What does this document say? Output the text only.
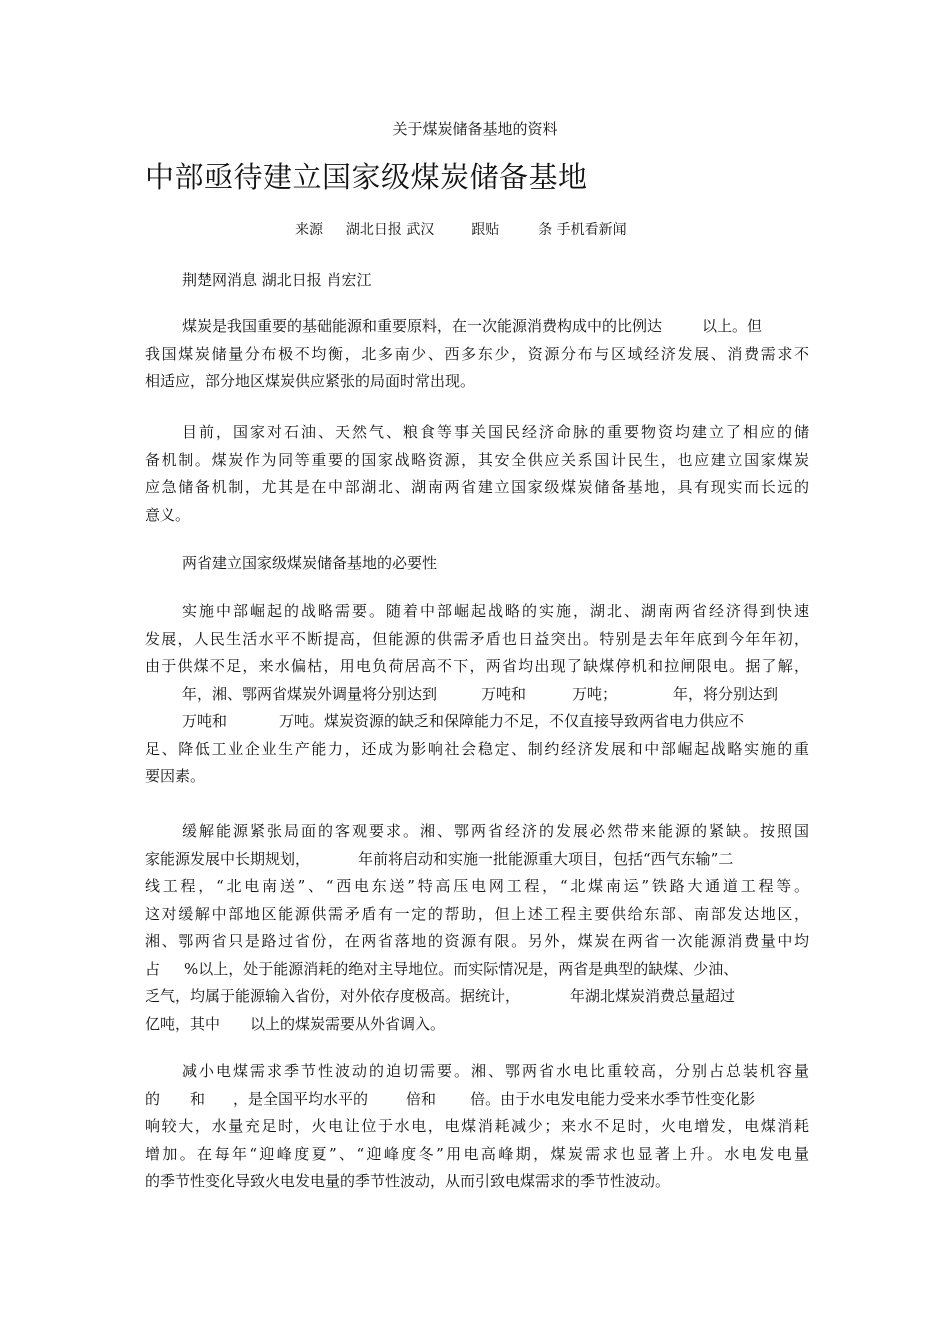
关于煤炭储备基地的资料
中部亟待建立国家级煤炭储备基地
来源 湖北日报 武汉	跟贴	条 手机看新闻
荆楚网消息 湖北日报 肖宏江
煤炭是我国重要的基础能源和重要原料，在一次能源消费构成中的比例达	以上。但
我国煤炭储量分布极不均衡，北多南少、西多东少，资源分布与区域经济发展、消费需求不
相适应，部分地区煤炭供应紧张的局面时常出现。
目前，国家对石油、天然气、粮食等事关国民经济命脉的重要物资均建立了相应的储
备机制。煤炭作为同等重要的国家战略资源，其安全供应关系国计民生，也应建立国家煤炭
应急储备机制，尤其是在中部湖北、湖南两省建立国家级煤炭储备基地，具有现实而长远的
意义。
两省建立国家级煤炭储备基地的必要性
实施中部崛起的战略需要。随着中部崛起战略的实施，湖北、湖南两省经济得到快速
发展，人民生活水平不断提高，但能源的供需矛盾也日益突出。特别是去年年底到今年年初，
由于供煤不足，来水偏枯，用电负荷居高不下，两省均出现了缺煤停机和拉闸限电。据了解，
年，湘、鄂两省煤炭外调量将分别达到	万吨和	万吨；	年，将分别达到
万吨和	万吨。煤炭资源的缺乏和保障能力不足，不仅直接导致两省电力供应不
足、降低工业企业生产能力，还成为影响社会稳定、制约经济发展和中部崛起战略实施的重
要因素。
缓解能源紧张局面的客观要求。湘、鄂两省经济的发展必然带来能源的紧缺。按照国
家能源发展中长期规划，	年前将启动和实施一批能源重大项目，包括“西气东输”二
线工程，“北电南送”、“西电东送”特高压电网工程，“北煤南运”铁路大通道工程等。
这对缓解中部地区能源供需矛盾有一定的帮助，但上述工程主要供给东部、南部发达地区，
湘、鄂两省只是路过省份，在两省落地的资源有限。另外，煤炭在两省一次能源消费量中均
占 %以上，处于能源消耗的绝对主导地位。而实际情况是，两省是典型的缺煤、少油、
乏气，均属于能源输入省份，对外依存度极高。据统计，	年湖北煤炭消费总量超过
亿吨，其中 以上的煤炭需要从外省调入。
减小电煤需求季节性波动的迫切需要。湘、鄂两省水电比重较高，分别占总装机容量
的 和 ，是全国平均水平的	倍和 倍。由于水电发电能力受来水季节性变化影
响较大，水量充足时，火电让位于水电，电煤消耗减少；来水不足时，火电增发，电煤消耗
增加。在每年“迎峰度夏”、“迎峰度冬”用电高峰期，煤炭需求也显著上升。水电发电量
的季节性变化导致火电发电量的季节性波动，从而引致电煤需求的季节性波动。
